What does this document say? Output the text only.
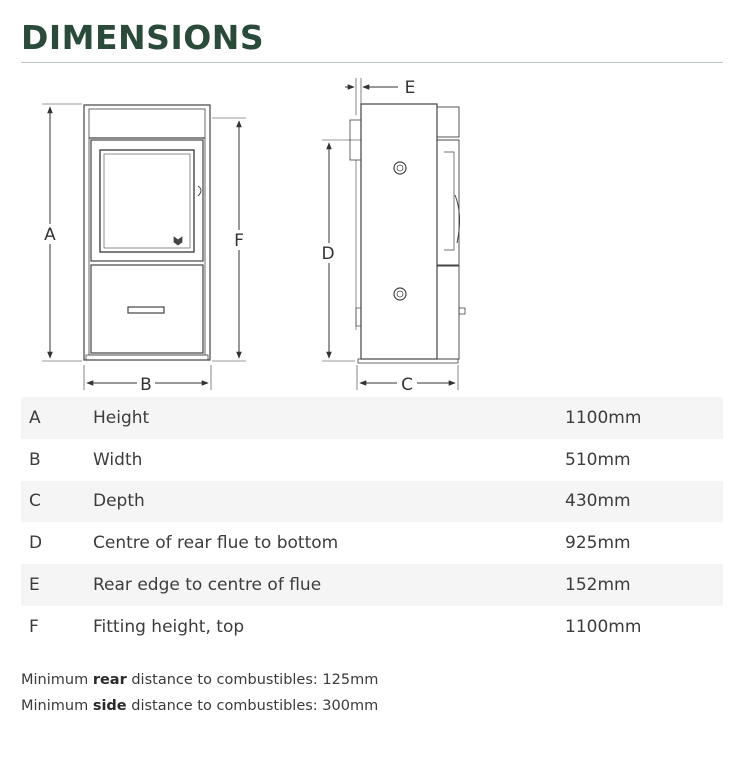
DIMENSIONS
A
B
F
C
D
E
A	Height	1100mm
B	Width	510mm
C	Depth	430mm
D	Centre of rear flue to bottom	925mm
E	Rear edge to centre of flue	152mm
F	Fitting height, top	1100mm
Minimum rear distance to combustibles: 125mm
Minimum side distance to combustibles: 300mm
